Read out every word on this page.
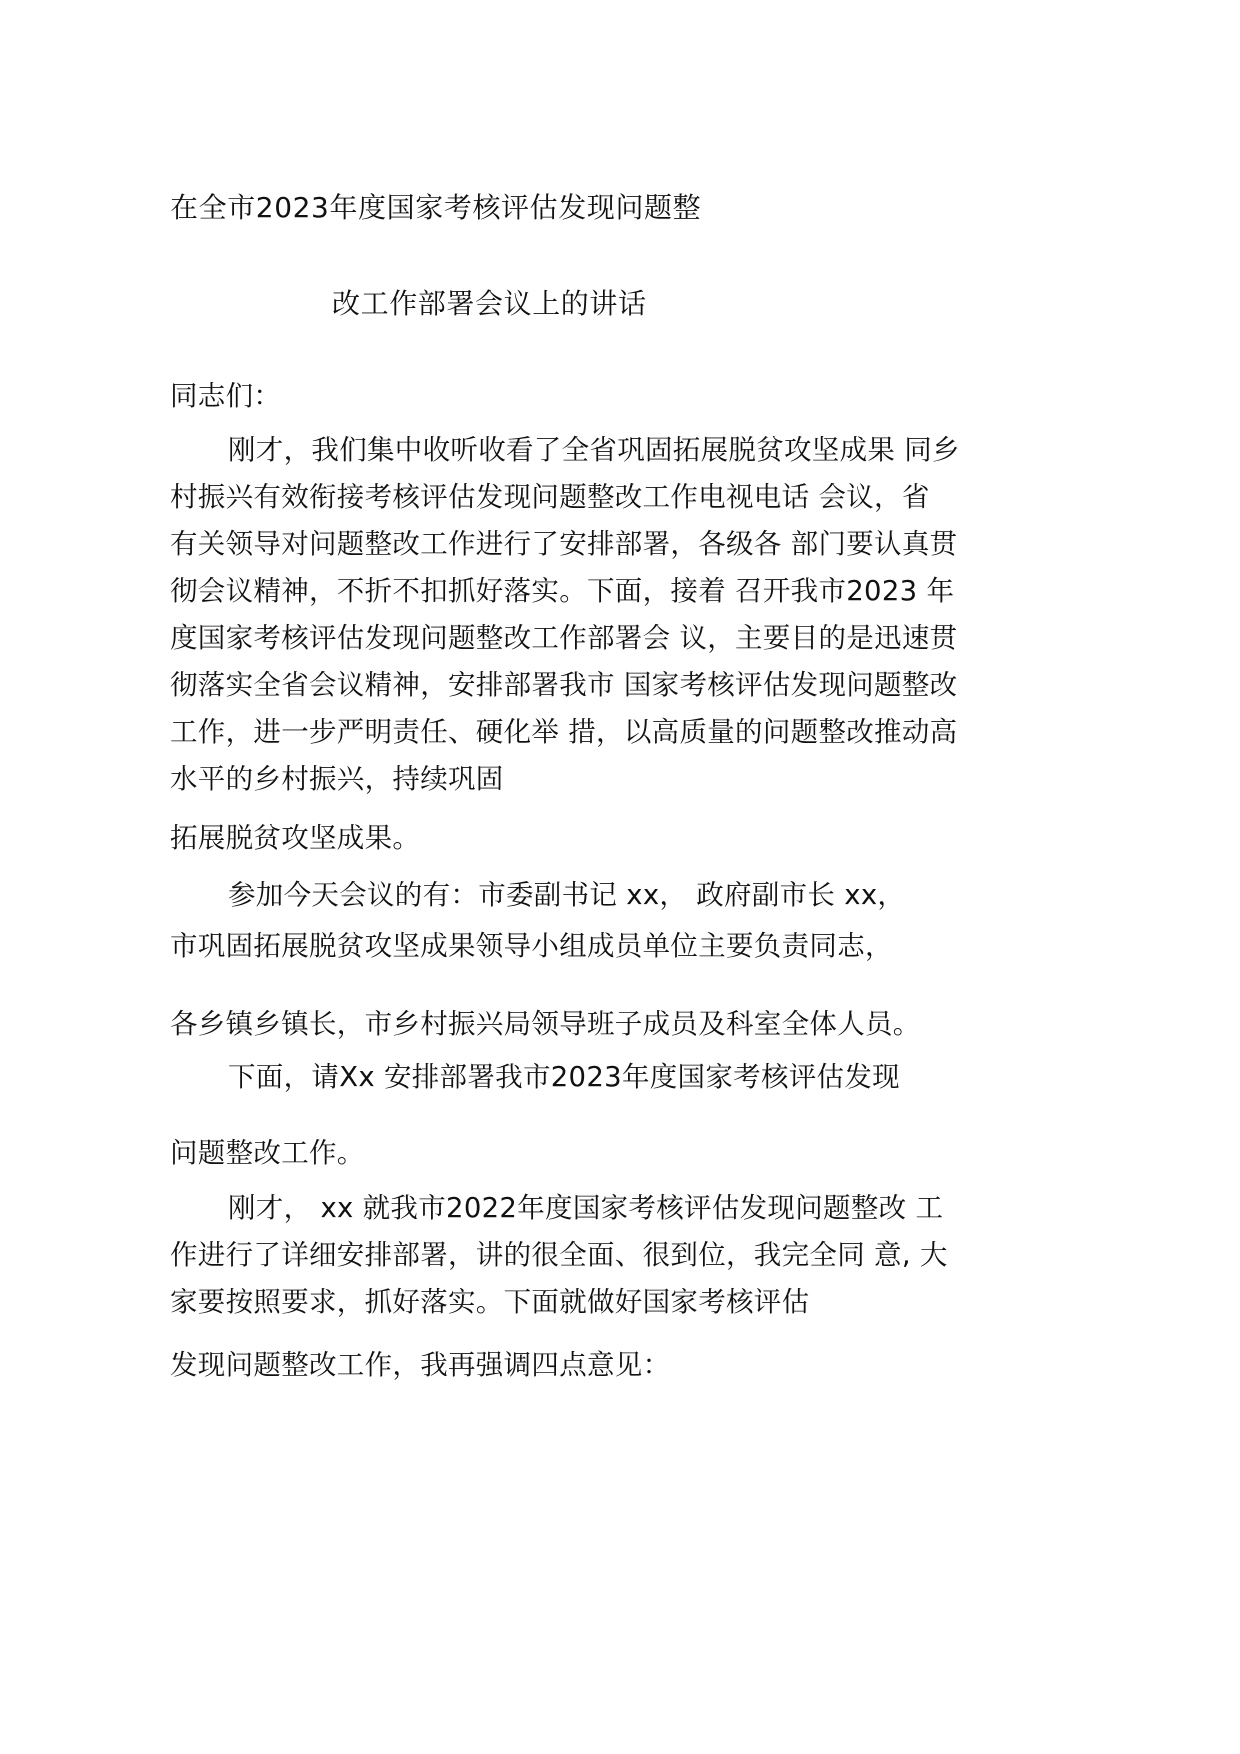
在全市2023年度国家考核评估发现问题整
改工作部署会议上的讲话
同志们：
刚才，我们集中收听收看了全省巩固拓展脱贫攻坚成果 同乡
村振兴有效衔接考核评估发现问题整改工作电视电话 会议，省
有关领导对问题整改工作进行了安排部署，各级各 部门要认真贯
彻会议精神，不折不扣抓好落实。下面，接着 召开我市2023 年
度国家考核评估发现问题整改工作部署会 议，主要目的是迅速贯
彻落实全省会议精神，安排部署我市 国家考核评估发现问题整改
工作，进一步严明责任、硬化举 措，以高质量的问题整改推动高
水平的乡村振兴，持续巩固
拓展脱贫攻坚成果。
参加今天会议的有：市委副书记 xx， 政府副市长 xx，
市巩固拓展脱贫攻坚成果领导小组成员单位主要负责同志，
各乡镇乡镇长，市乡村振兴局领导班子成员及科室全体人员。
下面，请Xx 安排部署我市2023年度国家考核评估发现
问题整改工作。
刚才， xx 就我市2022年度国家考核评估发现问题整改 工
作进行了详细安排部署，讲的很全面、很到位，我完全同 意, 大
家要按照要求，抓好落实。下面就做好国家考核评估
发现问题整改工作，我再强调四点意见：
